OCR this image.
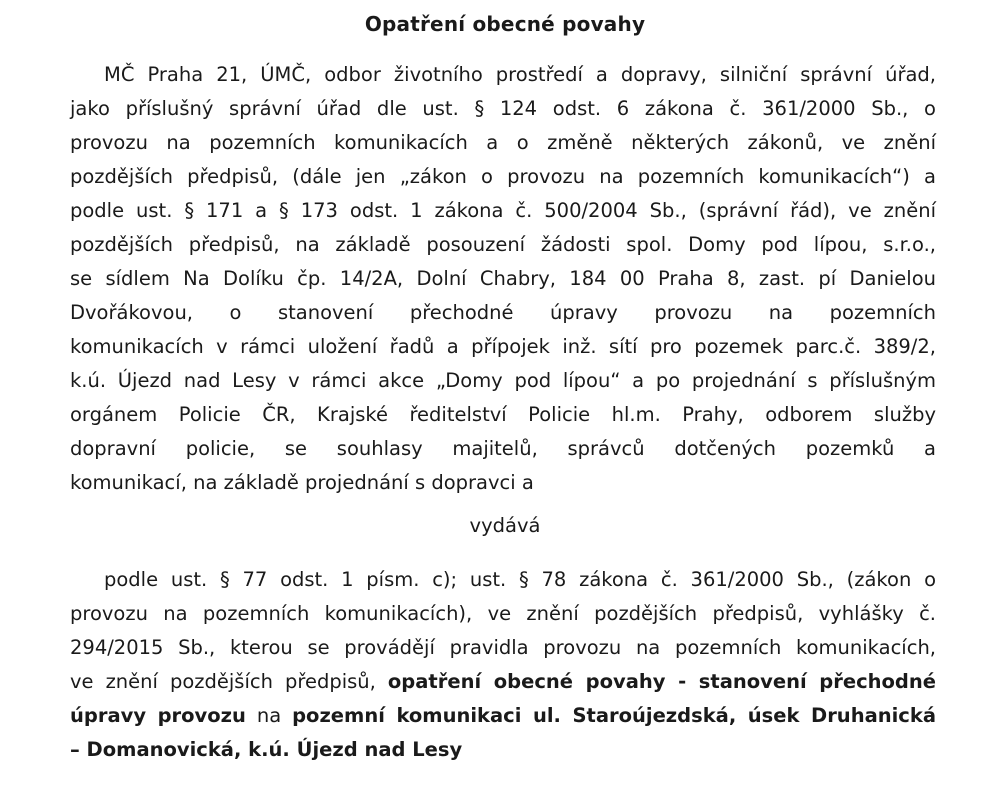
Opatření obecné povahy
MČ Praha 21, ÚMČ, odbor životního prostředí a dopravy, silniční správní úřad,
jako příslušný správní úřad dle ust. § 124 odst. 6 zákona č. 361/2000 Sb., o
provozu na pozemních komunikacích a o změně některých zákonů, ve znění
pozdějších předpisů, (dále jen „zákon o provozu na pozemních komunikacích“) a
podle ust. § 171 a § 173 odst. 1 zákona č. 500/2004 Sb., (správní řád), ve znění
pozdějších předpisů, na základě posouzení žádosti spol. Domy pod lípou, s.r.o.,
se sídlem Na Dolíku čp. 14/2A, Dolní Chabry, 184 00 Praha 8, zast. pí Danielou
Dvořákovou, o stanovení přechodné úpravy provozu na pozemních
komunikacích v rámci uložení řadů a přípojek inž. sítí pro pozemek parc.č. 389/2,
k.ú. Újezd nad Lesy v rámci akce „Domy pod lípou“ a po projednání s příslušným
orgánem Policie ČR, Krajské ředitelství Policie hl.m. Prahy, odborem služby
dopravní policie, se souhlasy majitelů, správců dotčených pozemků a
komunikací, na základě projednání s dopravci a
vydává
podle ust. § 77 odst. 1 písm. c); ust. § 78 zákona č. 361/2000 Sb., (zákon o
provozu na pozemních komunikacích), ve znění pozdějších předpisů, vyhlášky č.
294/2015 Sb., kterou se provádějí pravidla provozu na pozemních komunikacích,
ve znění pozdějších předpisů, opatření obecné povahy - stanovení přechodné
úpravy provozu na pozemní komunikaci ul. Staroújezdská, úsek Druhanická
– Domanovická, k.ú. Újezd nad Lesy
